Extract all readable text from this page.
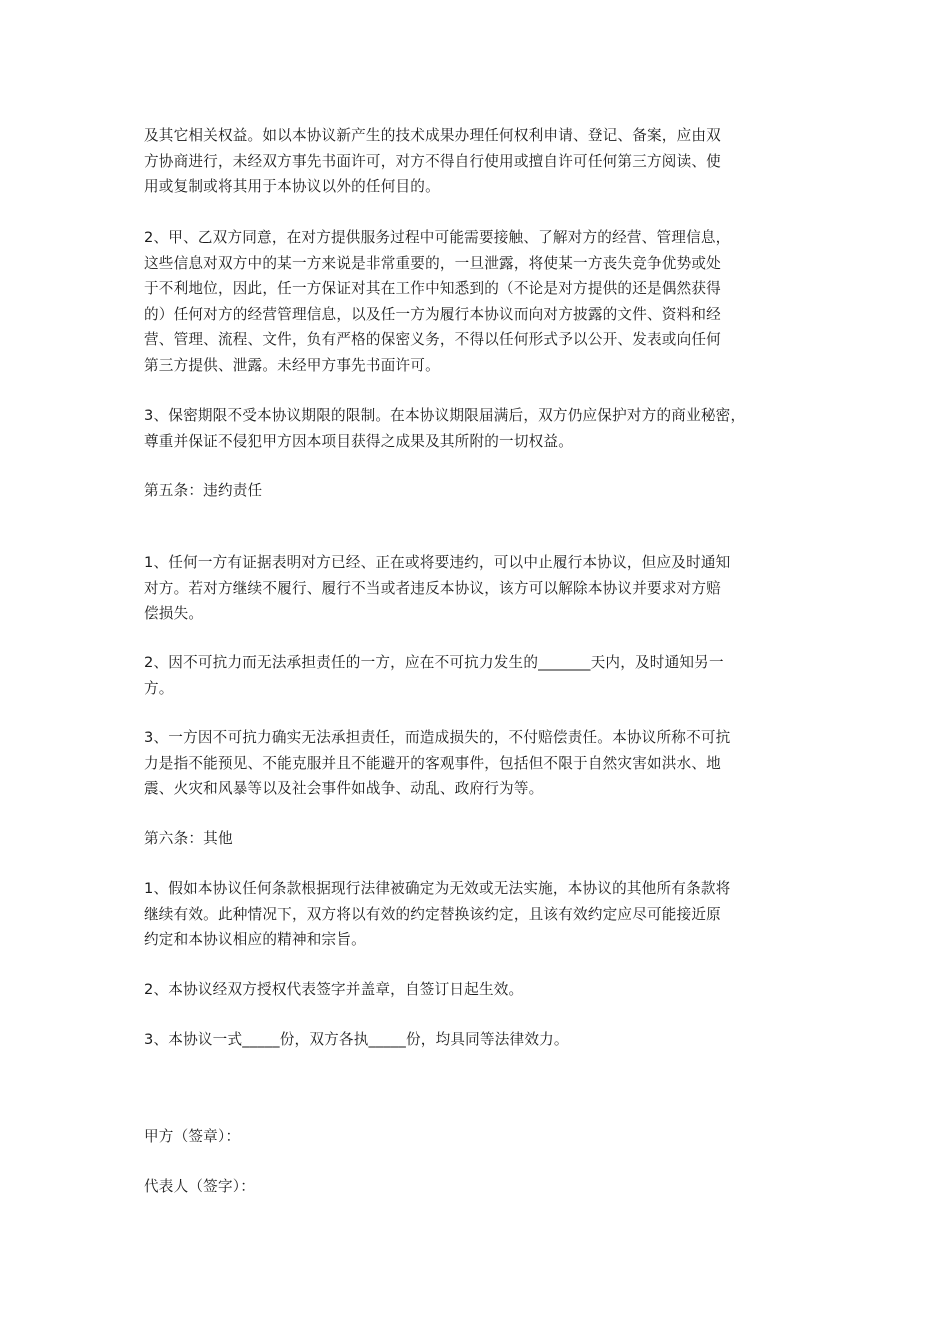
及其它相关权益。如以本协议新产生的技术成果办理任何权利申请、登记、备案，应由双
方协商进行，未经双方事先书面许可，对方不得自行使用或擅自许可任何第三方阅读、使
用或复制或将其用于本协议以外的任何目的。

2、甲、乙双方同意，在对方提供服务过程中可能需要接触、了解对方的经营、管理信息，
这些信息对双方中的某一方来说是非常重要的，一旦泄露，将使某一方丧失竞争优势或处
于不利地位，因此，任一方保证对其在工作中知悉到的（不论是对方提供的还是偶然获得
的）任何对方的经营管理信息，以及任一方为履行本协议而向对方披露的文件、资料和经
营、管理、流程、文件，负有严格的保密义务，不得以任何形式予以公开、发表或向任何
第三方提供、泄露。未经甲方事先书面许可。

3、保密期限不受本协议期限的限制。在本协议期限届满后，双方仍应保护对方的商业秘密，
尊重并保证不侵犯甲方因本项目获得之成果及其所附的一切权益。

第五条：违约责任

1、任何一方有证据表明对方已经、正在或将要违约，可以中止履行本协议，但应及时通知
对方。若对方继续不履行、履行不当或者违反本协议，该方可以解除本协议并要求对方赔
偿损失。

2、因不可抗力而无法承担责任的一方，应在不可抗力发生的_______天内，及时通知另一
方。

3、一方因不可抗力确实无法承担责任，而造成损失的，不付赔偿责任。本协议所称不可抗
力是指不能预见、不能克服并且不能避开的客观事件，包括但不限于自然灾害如洪水、地
震、火灾和风暴等以及社会事件如战争、动乱、政府行为等。

第六条：其他

1、假如本协议任何条款根据现行法律被确定为无效或无法实施，本协议的其他所有条款将
继续有效。此种情况下，双方将以有效的约定替换该约定，且该有效约定应尽可能接近原
约定和本协议相应的精神和宗旨。

2、本协议经双方授权代表签字并盖章，自签订日起生效。

3、本协议一式_____份，双方各执_____份，均具同等法律效力。

甲方（签章）：

代表人（签字）：
